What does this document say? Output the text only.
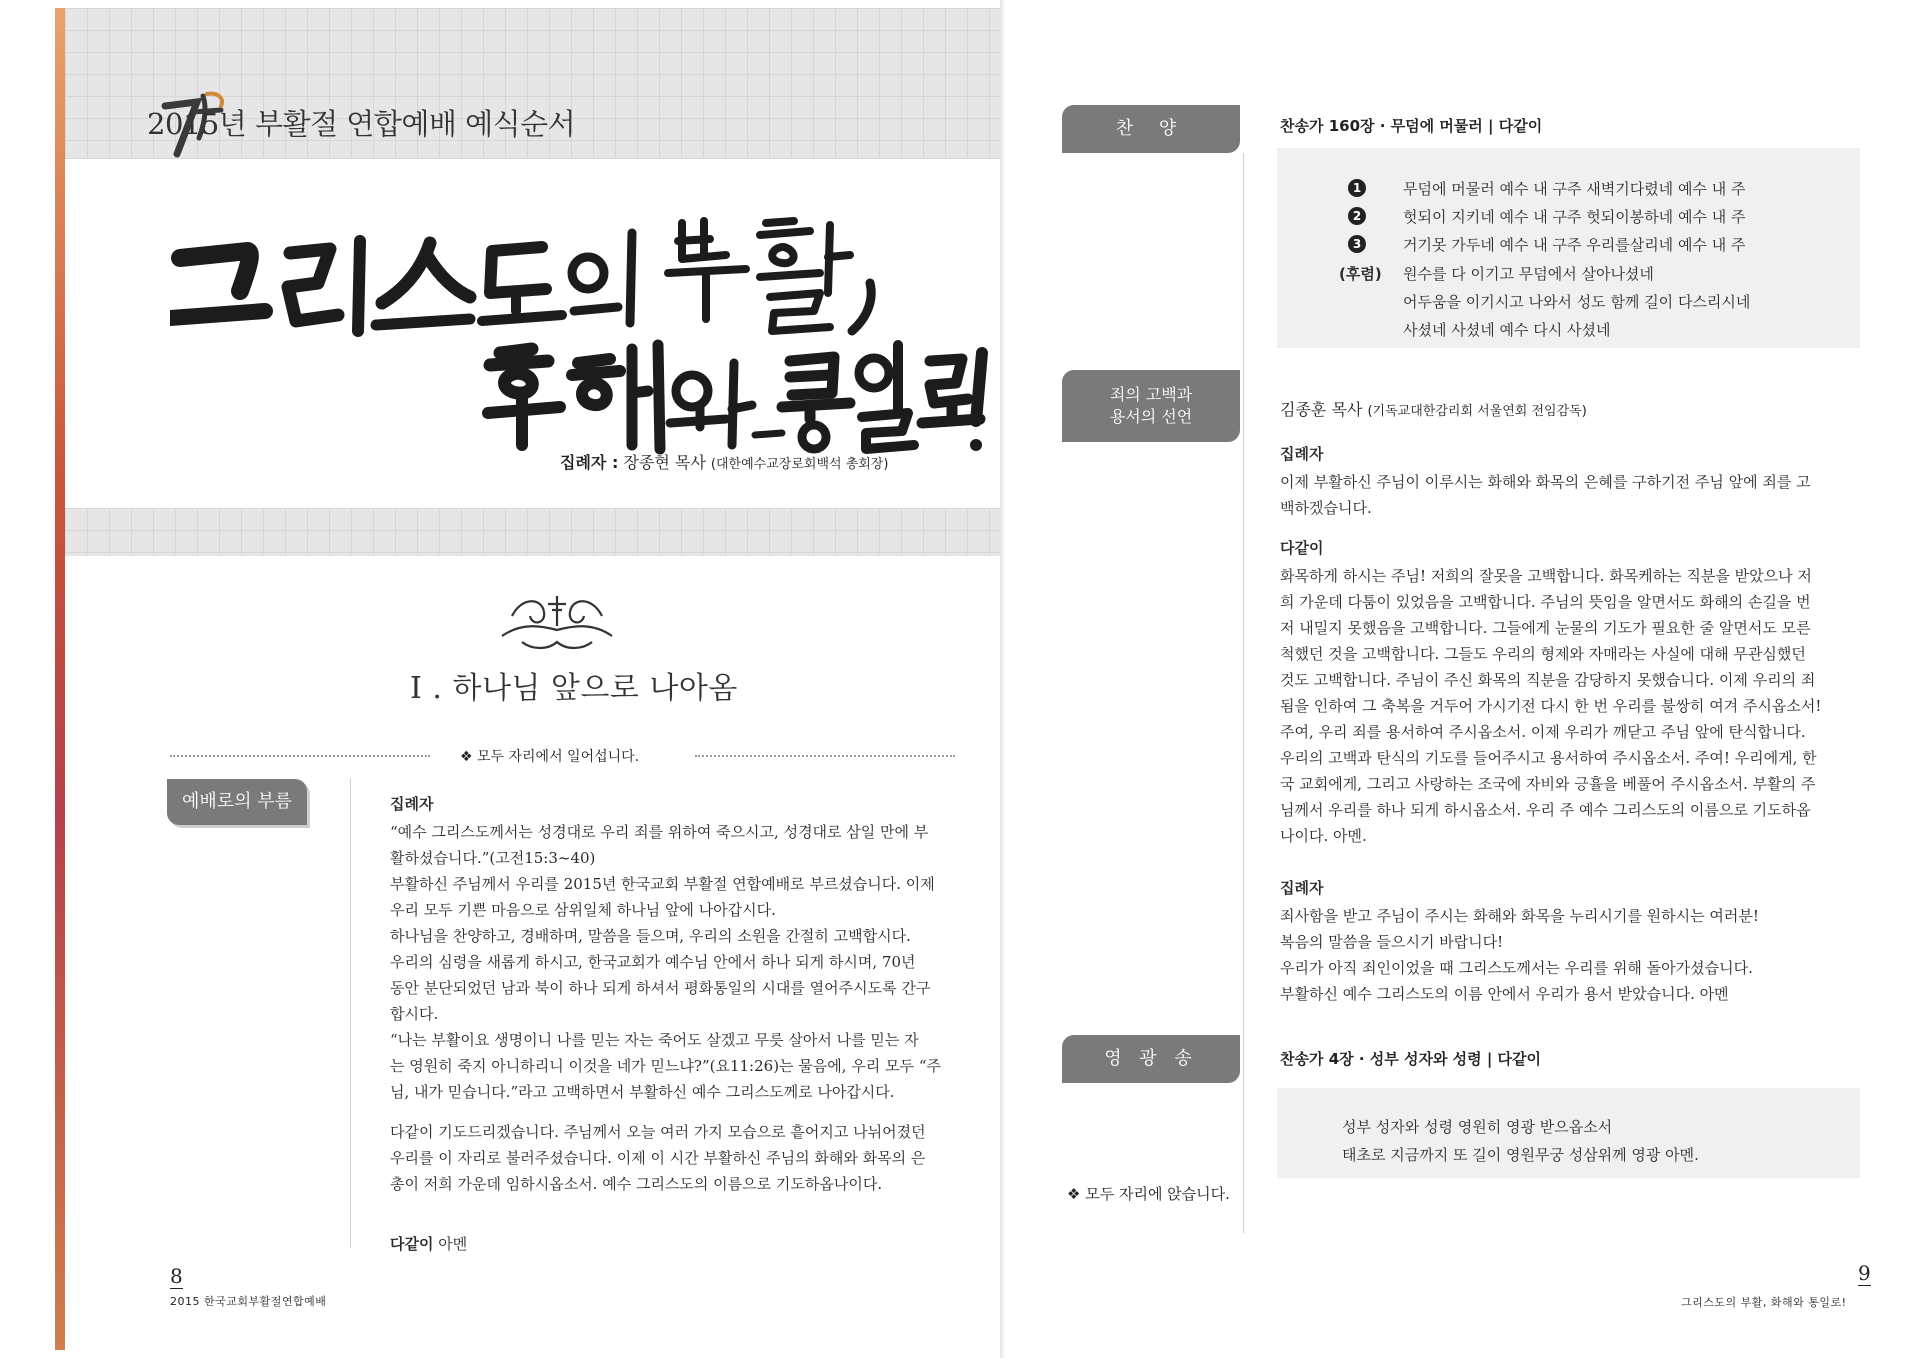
2015년 부활절 연합예배 예식순서
집례자 : 장종현 목사 (대한예수교장로회백석 총회장)
I . 하나님 앞으로 나아옴
❖ 모두 자리에서 일어섭니다.
예배로의 부름	집례자

“예수 그리스도께서는 성경대로 우리 죄를 위하여 죽으시고, 성경대로 삼일 만에 부

활하셨습니다.”(고전15:3~40)

부활하신 주님께서 우리를 2015년 한국교회 부활절 연합예배로 부르셨습니다. 이제

우리 모두 기쁜 마음으로 삼위일체 하나님 앞에 나아갑시다.

하나님을 찬양하고, 경배하며, 말씀을 들으며, 우리의 소원을 간절히 고백합시다.

우리의 심령을 새롭게 하시고, 한국교회가 예수님 안에서 하나 되게 하시며, 70년

동안 분단되었던 남과 북이 하나 되게 하셔서 평화통일의 시대를 열어주시도록 간구

합시다.

“나는 부활이요 생명이니 나를 믿는 자는 죽어도 살겠고 무릇 살아서 나를 믿는 자

는 영원히 죽지 아니하리니 이것을 네가 믿느냐?”(요11:26)는 물음에, 우리 모두 “주

님, 내가 믿습니다.”라고 고백하면서 부활하신 예수 그리스도께로 나아갑시다.

다같이 기도드리겠습니다. 주님께서 오늘 여러 가지 모습으로 흩어지고 나뉘어졌던

우리를 이 자리로 불러주셨습니다. 이제 이 시간 부활하신 주님의 화해와 화목의 은

총이 저희 가운데 임하시옵소서. 예수 그리스도의 이름으로 기도하옵나이다.

다같이 아멘
8
2015 한국교회부활절연합예배
찬 양
죄의 고백과
용서의 선언
영 광 송
찬송가 160장 · 무덤에 머물러 | 다같이
1	무덤에 머물러 예수 내 구주 새벽기다렸네 예수 내 주
2	헛되이 지키네 예수 내 구주 헛되이봉하네 예수 내 주
3	거기못 가두네 예수 내 구주 우리를살리네 예수 내 주
(후렴) 원수를 다 이기고 무덤에서 살아나셨네
어두움을 이기시고 나와서 성도 함께 길이 다스리시네
사셨네 사셨네 예수 다시 사셨네
김종훈 목사 (기독교대한감리회 서울연회 전임감독)
집례자

이제 부활하신 주님이 이루시는 화해와 화목의 은혜를 구하기전 주님 앞에 죄를 고

백하겠습니다.

다같이

화목하게 하시는 주님! 저희의 잘못을 고백합니다. 화목케하는 직분을 받았으나 저

희 가운데 다툼이 있었음을 고백합니다. 주님의 뜻임을 알면서도 화해의 손길을 번

저 내밀지 못했음을 고백합니다. 그들에게 눈물의 기도가 필요한 줄 알면서도 모른

척했던 것을 고백합니다. 그들도 우리의 형제와 자매라는 사실에 대해 무관심했던

것도 고백합니다. 주님이 주신 화목의 직분을 감당하지 못했습니다. 이제 우리의 죄

됨을 인하여 그 축복을 거두어 가시기전 다시 한 번 우리를 불쌍히 여겨 주시옵소서!

주여, 우리 죄를 용서하여 주시옵소서. 이제 우리가 깨닫고 주님 앞에 탄식합니다.

우리의 고백과 탄식의 기도를 들어주시고 용서하여 주시옵소서. 주여! 우리에게, 한

국 교회에게, 그리고 사랑하는 조국에 자비와 긍휼을 베풀어 주시옵소서. 부활의 주

님께서 우리를 하나 되게 하시옵소서. 우리 주 예수 그리스도의 이름으로 기도하옵

나이다. 아멘.

집례자

죄사함을 받고 주님이 주시는 화해와 화목을 누리시기를 원하시는 여러분!

복음의 말씀을 들으시기 바랍니다!

우리가 아직 죄인이었을 때 그리스도께서는 우리를 위해 돌아가셨습니다.

부활하신 예수 그리스도의 이름 안에서 우리가 용서 받았습니다. 아멘

찬송가 4장 · 성부 성자와 성령 | 다같이
성부 성자와 성령 영원히 영광 받으옵소서
태초로 지금까지 또 길이 영원무궁 성삼위께 영광 아멘.
❖ 모두 자리에 앉습니다.
9
그리스도의 부활, 화해와 통일로!
